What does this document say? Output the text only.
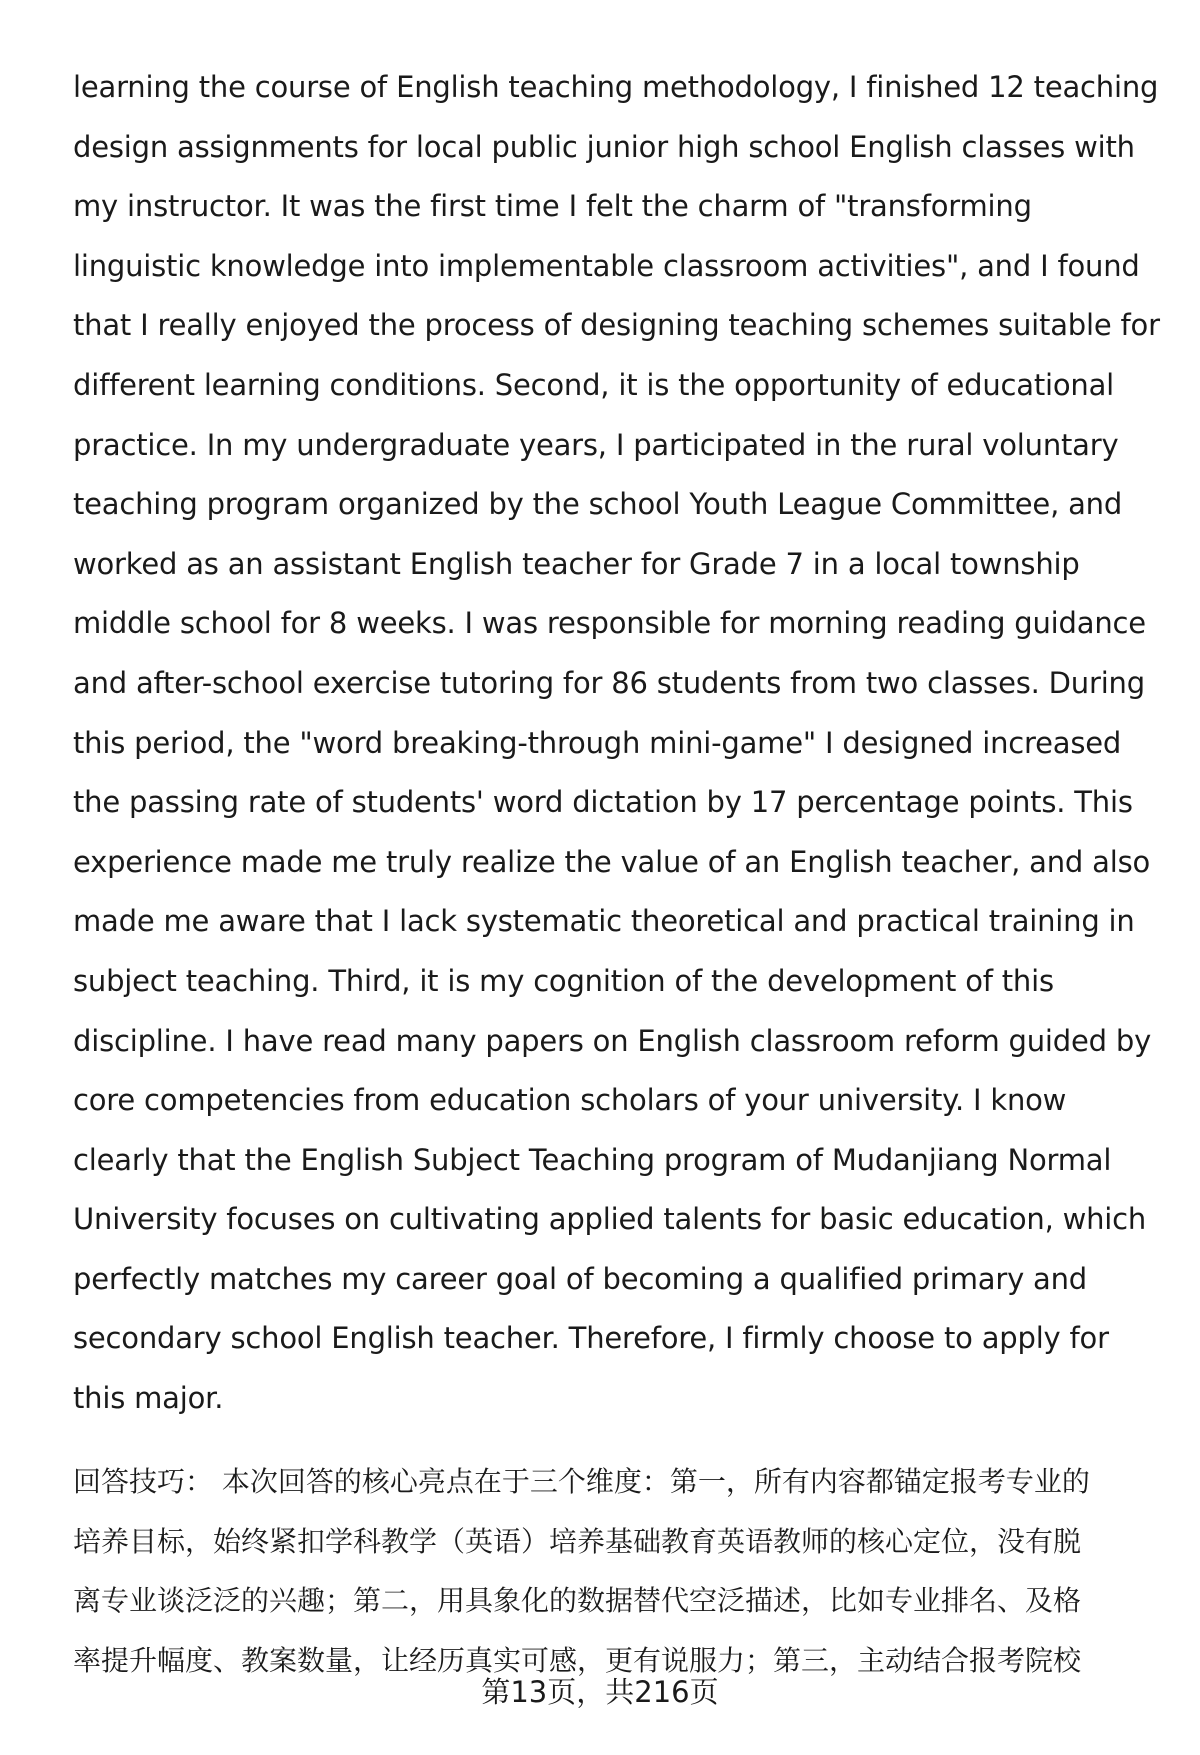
learning the course of English teaching methodology, I finished 12 teaching
design assignments for local public junior high school English classes with
my instructor. It was the first time I felt the charm of "transforming
linguistic knowledge into implementable classroom activities", and I found
that I really enjoyed the process of designing teaching schemes suitable for
different learning conditions. Second, it is the opportunity of educational
practice. In my undergraduate years, I participated in the rural voluntary
teaching program organized by the school Youth League Committee, and
worked as an assistant English teacher for Grade 7 in a local township
middle school for 8 weeks. I was responsible for morning reading guidance
and after-school exercise tutoring for 86 students from two classes. During
this period, the "word breaking-through mini-game" I designed increased
the passing rate of students' word dictation by 17 percentage points. This
experience made me truly realize the value of an English teacher, and also
made me aware that I lack systematic theoretical and practical training in
subject teaching. Third, it is my cognition of the development of this
discipline. I have read many papers on English classroom reform guided by
core competencies from education scholars of your university. I know
clearly that the English Subject Teaching program of Mudanjiang Normal
University focuses on cultivating applied talents for basic education, which
perfectly matches my career goal of becoming a qualified primary and
secondary school English teacher. Therefore, I firmly choose to apply for
this major.
回答技巧： 本次回答的核心亮点在于三个维度：第一，所有内容都锚定报考专业的
培养目标，始终紧扣学科教学（英语）培养基础教育英语教师的核心定位，没有脱
离专业谈泛泛的兴趣；第二，用具象化的数据替代空泛描述，比如专业排名、及格
率提升幅度、教案数量，让经历真实可感，更有说服力；第三，主动结合报考院校
第13页，共216页
